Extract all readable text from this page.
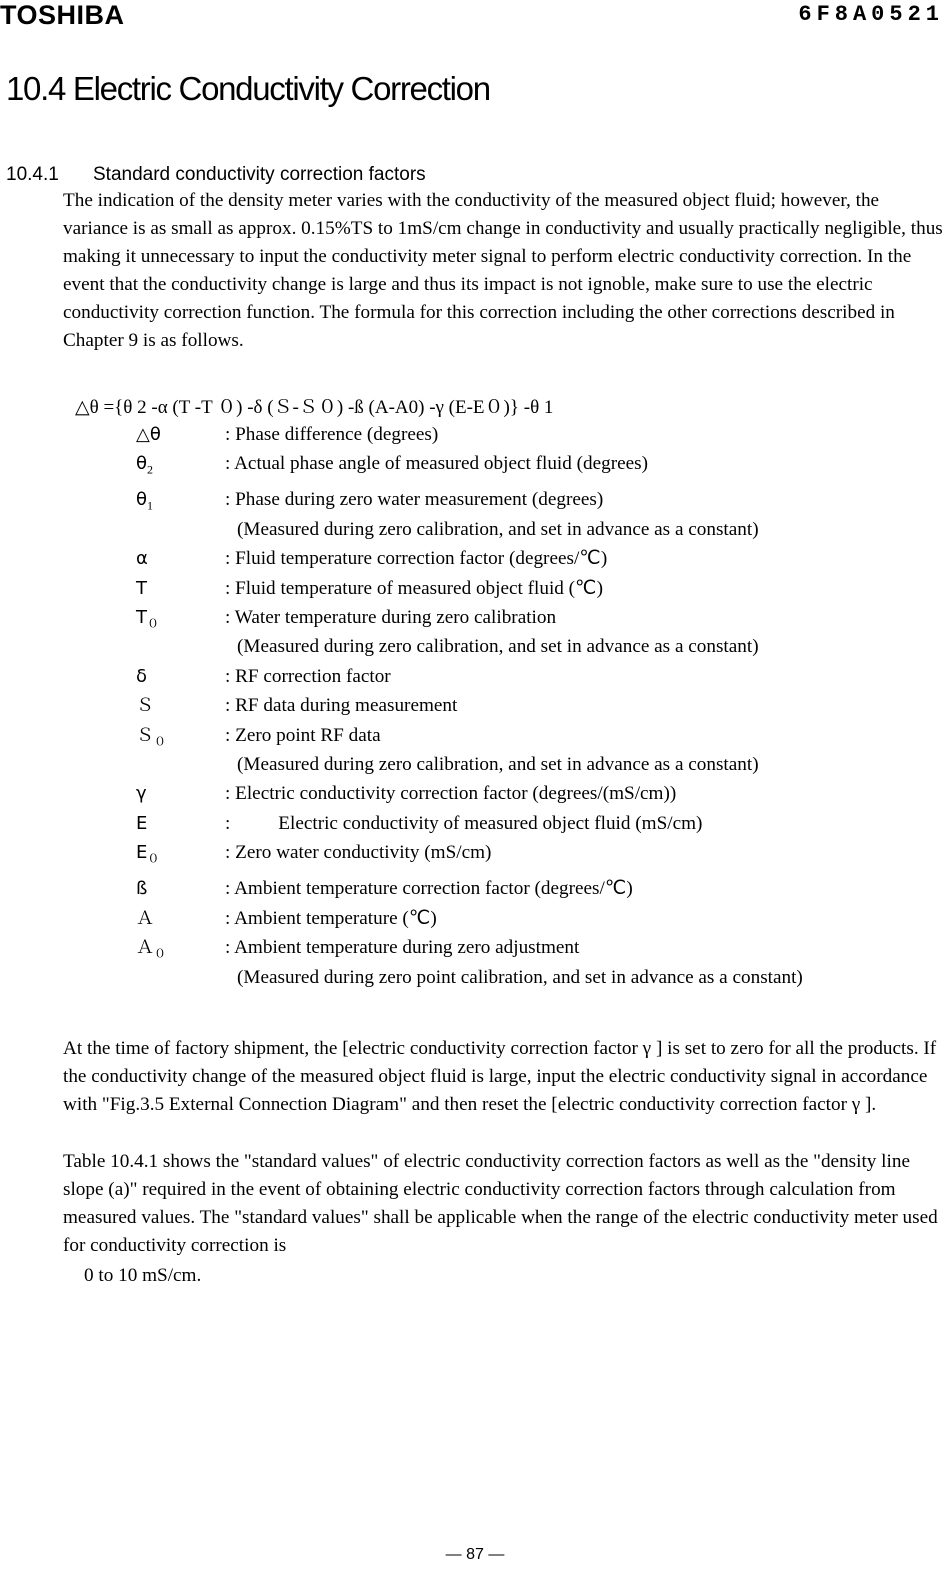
TOSHIBA	6F8A0521
10.4 Electric Conductivity Correction
10.4.1 Standard conductivity correction factors

The indication of the density meter varies with the conductivity of the measured object fluid; however, the variance is as small as approx. 0.15%TS to 1mS/cm change in conductivity and usually practically negligible, thus making it unnecessary to input the conductivity meter signal to perform electric conductivity correction. In the event that the conductivity change is large and thus its impact is not ignoble, make sure to use the electric conductivity correction function. The formula for this correction including the other corrections described in Chapter 9 is as follows.

△θ ={θ 2 -α (T -T ０) -δ (Ｓ-Ｓ０) -ß (A-A0) -γ (E-E０)} -θ 1
△θ	: Phase difference (degrees)
$\theta_2$	: Actual phase angle of measured object fluid (degrees)
$\theta_1$	: Phase during zero water measurement (degrees)
(Measured during zero calibration, and set in advance as a constant)
α	: Fluid temperature correction factor (degrees/℃)
T	: Fluid temperature of measured object fluid (℃)
$T_0$	: Water temperature during zero calibration
(Measured during zero calibration, and set in advance as a constant)
δ	: RF correction factor
Ｓ	: RF data during measurement
Ｓ$_0$	: Zero point RF data
(Measured during zero calibration, and set in advance as a constant)
γ	: Electric conductivity correction factor (degrees/(mS/cm))
E	:          Electric conductivity of measured object fluid (mS/cm)
$E_0$	: Zero water conductivity (mS/cm)
ß	: Ambient temperature correction factor (degrees/℃)
Ａ	: Ambient temperature (℃)
Ａ$_0$	: Ambient temperature during zero adjustment
(Measured during zero point calibration, and set in advance as a constant)

At the time of factory shipment, the [electric conductivity correction factor γ ] is set to zero for all the products. If the conductivity change of the measured object fluid is large, input the electric conductivity signal in accordance with "Fig.3.5 External Connection Diagram" and then reset the [electric conductivity correction factor γ ].

Table 10.4.1 shows the "standard values" of electric conductivity correction factors as well as the "density line slope (a)" required in the event of obtaining electric conductivity correction factors through calculation from measured values. The "standard values" shall be applicable when the range of the electric conductivity meter used for conductivity correction is

0 to 10 mS/cm.
― 87 ―
